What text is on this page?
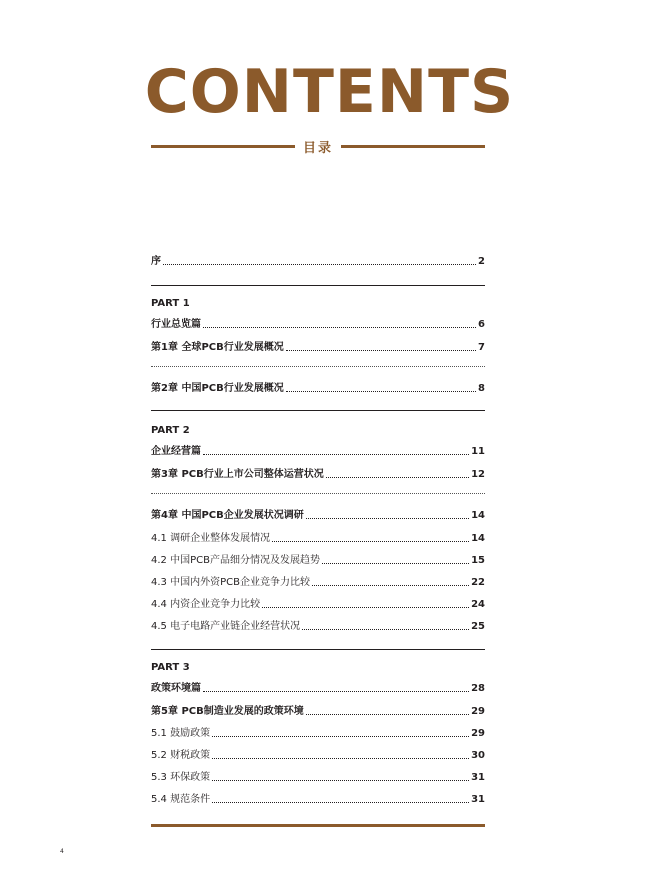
CONTENTS
目录
序	2
PART 1
行业总览篇	6
第1章 全球PCB行业发展概况	7
第2章 中国PCB行业发展概况	8
PART 2
企业经营篇	11
第3章 PCB行业上市公司整体运营状况	12
第4章 中国PCB企业发展状况调研	14
4.1 调研企业整体发展情况	14
4.2 中国PCB产品细分情况及发展趋势	15
4.3 中国内外资PCB企业竞争力比较	22
4.4 内资企业竞争力比较	24
4.5 电子电路产业链企业经营状况	25
PART 3
政策环境篇	28
第5章 PCB制造业发展的政策环境	29
5.1 鼓励政策	29
5.2 财税政策	30
5.3 环保政策	31
5.4 规范条件	31
4
